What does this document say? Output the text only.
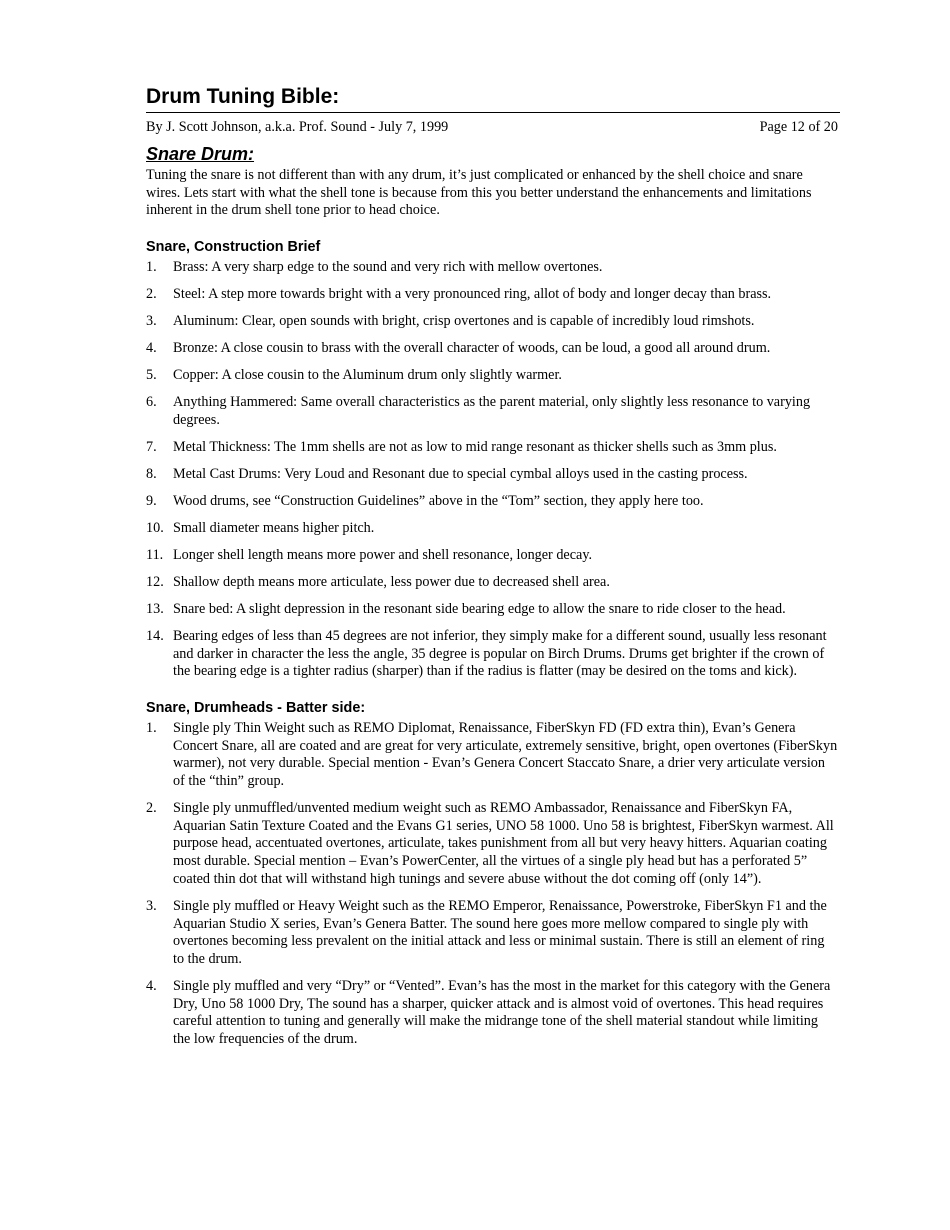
Drum Tuning Bible:
By J. Scott Johnson, a.k.a. Prof. Sound - July 7, 1999	Page 12 of 20
Snare Drum:

Tuning the snare is not different than with any drum, it’s just complicated or enhanced by the shell choice and snare wires. Lets start with what the shell tone is because from this you better understand the enhancements and limitations inherent in the drum shell tone prior to head choice.

Snare, Construction Brief
1.	Brass: A very sharp edge to the sound and very rich with mellow overtones.
2.	Steel: A step more towards bright with a very pronounced ring, allot of body and longer decay than brass.
3.	Aluminum: Clear, open sounds with bright, crisp overtones and is capable of incredibly loud rimshots.
4.	Bronze: A close cousin to brass with the overall character of woods, can be loud, a good all around drum.
5.	Copper: A close cousin to the Aluminum drum only slightly warmer.
6.	Anything Hammered: Same overall characteristics as the parent material, only slightly less resonance to varying degrees.
7.	Metal Thickness: The 1mm shells are not as low to mid range resonant as thicker shells such as 3mm plus.
8.	Metal Cast Drums: Very Loud and Resonant due to special cymbal alloys used in the casting process.
9.	Wood drums, see “Construction Guidelines” above in the “Tom” section, they apply here too.
10. Small diameter means higher pitch.
11. Longer shell length means more power and shell resonance, longer decay.
12. Shallow depth means more articulate, less power due to decreased shell area.
13. Snare bed: A slight depression in the resonant side bearing edge to allow the snare to ride closer to the head.
14. Bearing edges of less than 45 degrees are not inferior, they simply make for a different sound, usually less resonant and darker in character the less the angle, 35 degree is popular on Birch Drums. Drums get brighter if the crown of the bearing edge is a tighter radius (sharper) than if the radius is flatter (may be desired on the toms and kick).
Snare, Drumheads - Batter side:
1.	Single ply Thin Weight such as REMO Diplomat, Renaissance, FiberSkyn FD (FD extra thin), Evan’s Genera Concert Snare, all are coated and are great for very articulate, extremely sensitive, bright, open overtones (FiberSkyn warmer), not very durable. Special mention - Evan’s Genera Concert Staccato Snare, a drier very articulate version of the “thin” group.
2.	Single ply unmuffled/unvented medium weight such as REMO Ambassador, Renaissance and FiberSkyn FA, Aquarian Satin Texture Coated and the Evans G1 series, UNO 58 1000. Uno 58 is brightest, FiberSkyn warmest. All purpose head, accentuated overtones, articulate, takes punishment from all but very heavy hitters. Aquarian coating most durable. Special mention – Evan’s PowerCenter, all the virtues of a single ply head but has a perforated 5” coated thin dot that will withstand high tunings and severe abuse without the dot coming off (only 14”).
3.	Single ply muffled or Heavy Weight such as the REMO Emperor, Renaissance, Powerstroke, FiberSkyn F1 and the Aquarian Studio X series, Evan’s Genera Batter. The sound here goes more mellow compared to single ply with overtones becoming less prevalent on the initial attack and less or minimal sustain. There is still an element of ring to the drum.
4.	Single ply muffled and very “Dry” or “Vented”. Evan’s has the most in the market for this category with the Genera Dry, Uno 58 1000 Dry, The sound has a sharper, quicker attack and is almost void of overtones. This head requires careful attention to tuning and generally will make the midrange tone of the shell material standout while limiting the low frequencies of the drum.
